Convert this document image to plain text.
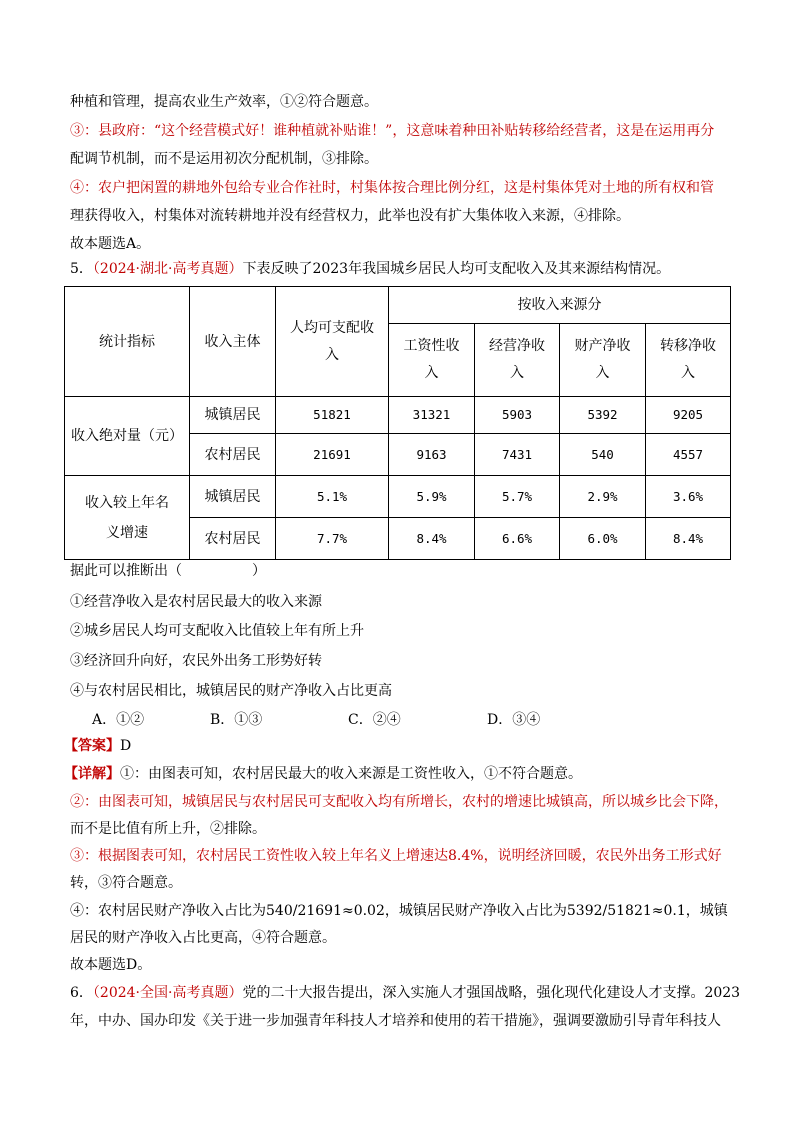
种植和管理，提高农业生产效率，①②符合题意。
③：县政府：“这个经营模式好！谁种植就补贴谁！”，这意味着种田补贴转移给经营者，这是在运用再分
配调节机制，而不是运用初次分配机制，③排除。
④：农户把闲置的耕地外包给专业合作社时，村集体按合理比例分红，这是村集体凭对土地的所有权和管
理获得收入，村集体对流转耕地并没有经营权力，此举也没有扩大集体收入来源，④排除。
故本题选A。
5．（2024·湖北·高考真题）下表反映了2023年我国城乡居民人均可支配收入及其来源结构情况。
统计指标	收入主体	人均可支配收入	按收入来源分			
			工资性收入	经营净收入	财产净收入	转移净收入
收入绝对量（元）	城镇居民	51821	31321	5903	5392	9205
	农村居民	21691	9163	7431	540	4557
收入较上年名义增速	城镇居民	5.1%	5.9%	5.7%	2.9%	3.6%
	农村居民	7.7%	8.4%	6.6%	6.0%	8.4%
据此可以推断出（	）
①经营净收入是农村居民最大的收入来源
②城乡居民人均可支配收入比值较上年有所上升
③经济回升向好，农民外出务工形势好转
④与农村居民相比，城镇居民的财产净收入占比更高
A．①②	B．①③	C．②④	D．③④
【答案】D
【详解】①：由图表可知，农村居民最大的收入来源是工资性收入，①不符合题意。
②：由图表可知，城镇居民与农村居民可支配收入均有所增长，农村的增速比城镇高，所以城乡比会下降，
而不是比值有所上升，②排除。
③：根据图表可知，农村居民工资性收入较上年名义上增速达8.4%，说明经济回暖，农民外出务工形式好
转，③符合题意。
④：农村居民财产净收入占比为540/21691≈0.02，城镇居民财产净收入占比为5392/51821≈0.1，城镇
居民的财产净收入占比更高，④符合题意。
故本题选D。
6．（2024·全国·高考真题）党的二十大报告提出，深入实施人才强国战略，强化现代化建设人才支撑。2023
年，中办、国办印发《关于进一步加强青年科技人才培养和使用的若干措施》，强调要激励引导青年科技人
